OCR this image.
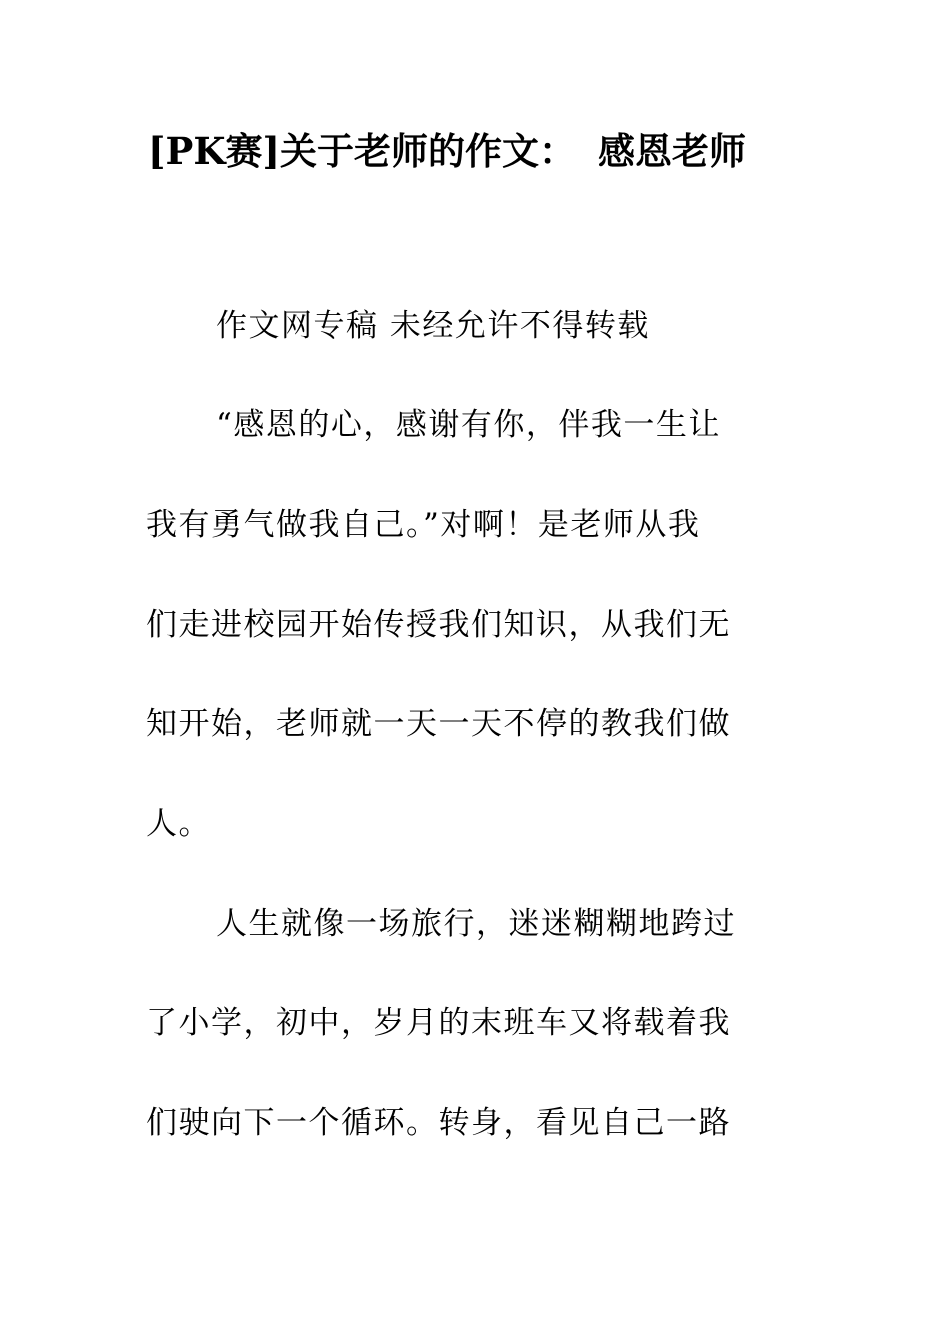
[PK赛]关于老师的作文： 感恩老师
作文网专稿 未经允许不得转载
“感恩的心，感谢有你，伴我一生让
我有勇气做我自己。”对啊！是老师从我
们走进校园开始传授我们知识，从我们无
知开始，老师就一天一天不停的教我们做
人。
人生就像一场旅行，迷迷糊糊地跨过
了小学，初中，岁月的末班车又将载着我
们驶向下一个循环。转身，看见自己一路
